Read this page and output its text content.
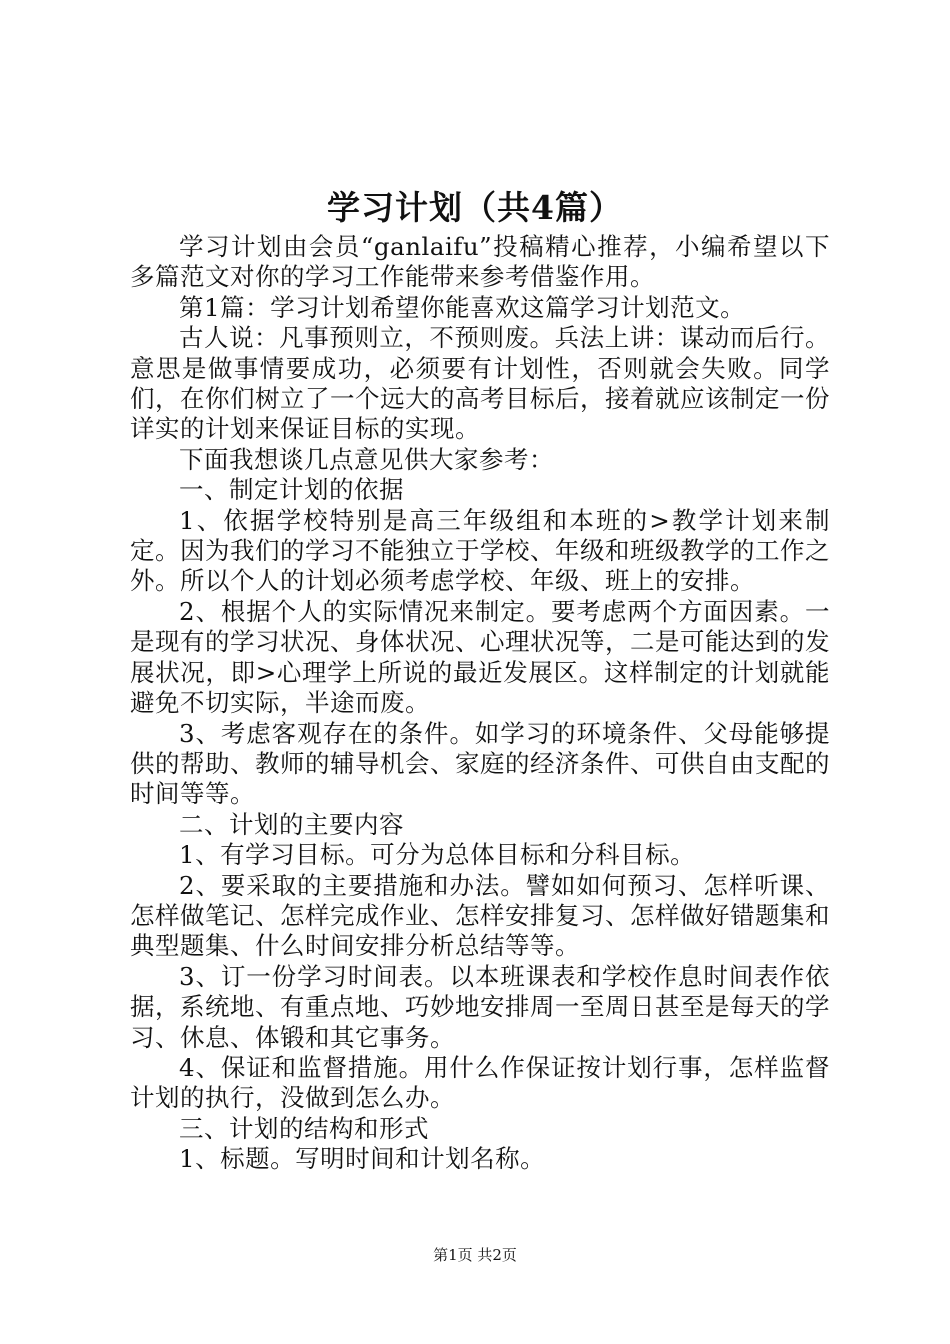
学习计划（共4篇）

学习计划由会员“ganlaifu”投稿精心推荐，小编希望以下多篇范文对你的学习工作能带来参考借鉴作用。

第1篇：学习计划希望你能喜欢这篇学习计划范文。

古人说：凡事预则立，不预则废。兵法上讲：谋动而后行。意思是做事情要成功，必须要有计划性，否则就会失败。同学们，在你们树立了一个远大的高考目标后，接着就应该制定一份详实的计划来保证目标的实现。

下面我想谈几点意见供大家参考：

一、制定计划的依据

1、依据学校特别是高三年级组和本班的>教学计划来制定。因为我们的学习不能独立于学校、年级和班级教学的工作之外。所以个人的计划必须考虑学校、年级、班上的安排。

2、根据个人的实际情况来制定。要考虑两个方面因素。一是现有的学习状况、身体状况、心理状况等，二是可能达到的发展状况，即>心理学上所说的最近发展区。这样制定的计划就能避免不切实际，半途而废。

3、考虑客观存在的条件。如学习的环境条件、父母能够提供的帮助、教师的辅导机会、家庭的经济条件、可供自由支配的时间等等。

二、计划的主要内容

1、有学习目标。可分为总体目标和分科目标。

2、要采取的主要措施和办法。譬如如何预习、怎样听课、怎样做笔记、怎样完成作业、怎样安排复习、怎样做好错题集和典型题集、什么时间安排分析总结等等。

3、订一份学习时间表。以本班课表和学校作息时间表作依据，系统地、有重点地、巧妙地安排周一至周日甚至是每天的学习、休息、体锻和其它事务。

4、保证和监督措施。用什么作保证按计划行事，怎样监督计划的执行，没做到怎么办。

三、计划的结构和形式

1、标题。写明时间和计划名称。

第1页 共2页
